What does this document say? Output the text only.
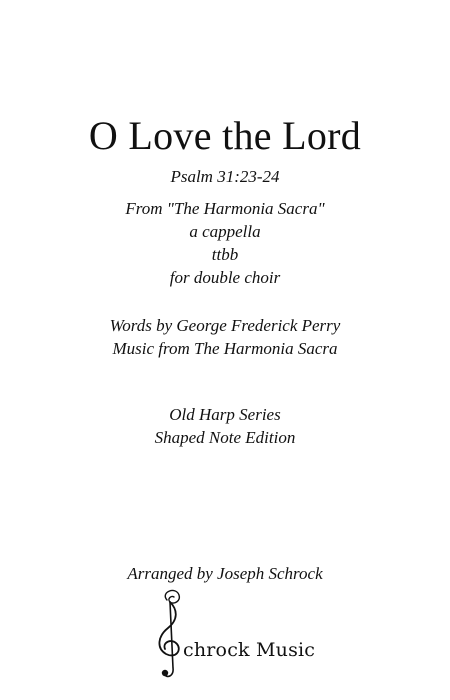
O Love the Lord
Psalm 31:23-24
From "The Harmonia Sacra"
a cappella
ttbb
for double choir
Words by George Frederick Perry
Music from The Harmonia Sacra
Old Harp Series
Shaped Note Edition
Arranged by Joseph Schrock
chrock Music
